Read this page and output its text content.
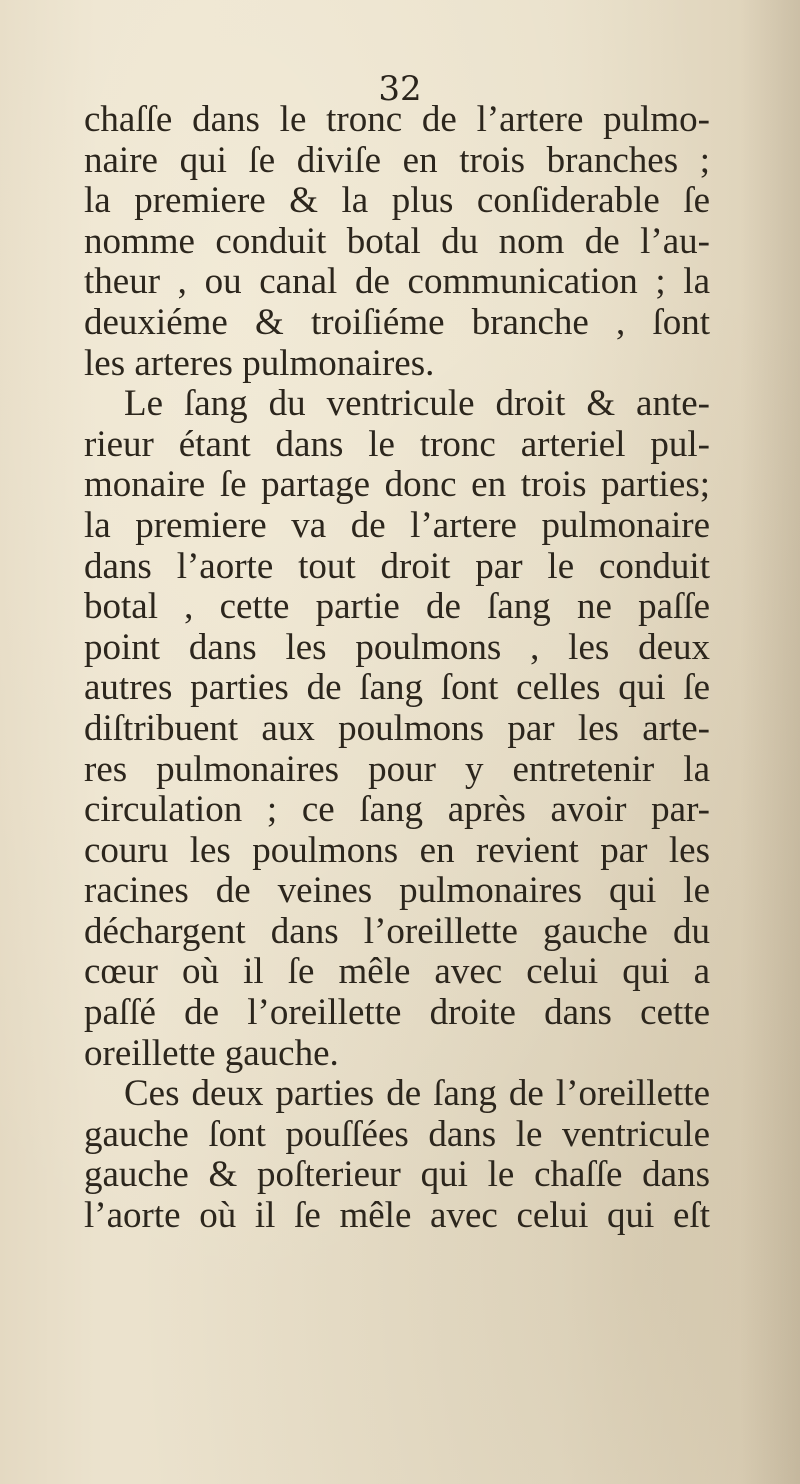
32
chaſſe dans le tronc de l’artere pulmo-
naire qui ſe diviſe en trois branches ;
la premiere & la plus conſiderable ſe
nomme conduit botal du nom de l’au-
theur , ou canal de communication ; la
deuxiéme & troiſiéme branche , ſont
les arteres pulmonaires.
Le ſang du ventricule droit & ante-
rieur étant dans le tronc arteriel pul-
monaire ſe partage donc en trois parties;
la premiere va de l’artere pulmonaire
dans l’aorte tout droit par le conduit
botal , cette partie de ſang ne paſſe
point dans les poulmons , les deux
autres parties de ſang ſont celles qui ſe
diſtribuent aux poulmons par les arte-
res pulmonaires pour y entretenir la
circulation ; ce ſang après avoir par-
couru les poulmons en revient par les
racines de veines pulmonaires qui le
déchargent dans l’oreillette gauche du
cœur où il ſe mêle avec celui qui a
paſſé de l’oreillette droite dans cette
oreillette gauche.
Ces deux parties de ſang de l’oreillette
gauche ſont pouſſées dans le ventricule
gauche & poſterieur qui le chaſſe dans
l’aorte où il ſe mêle avec celui qui eſt
